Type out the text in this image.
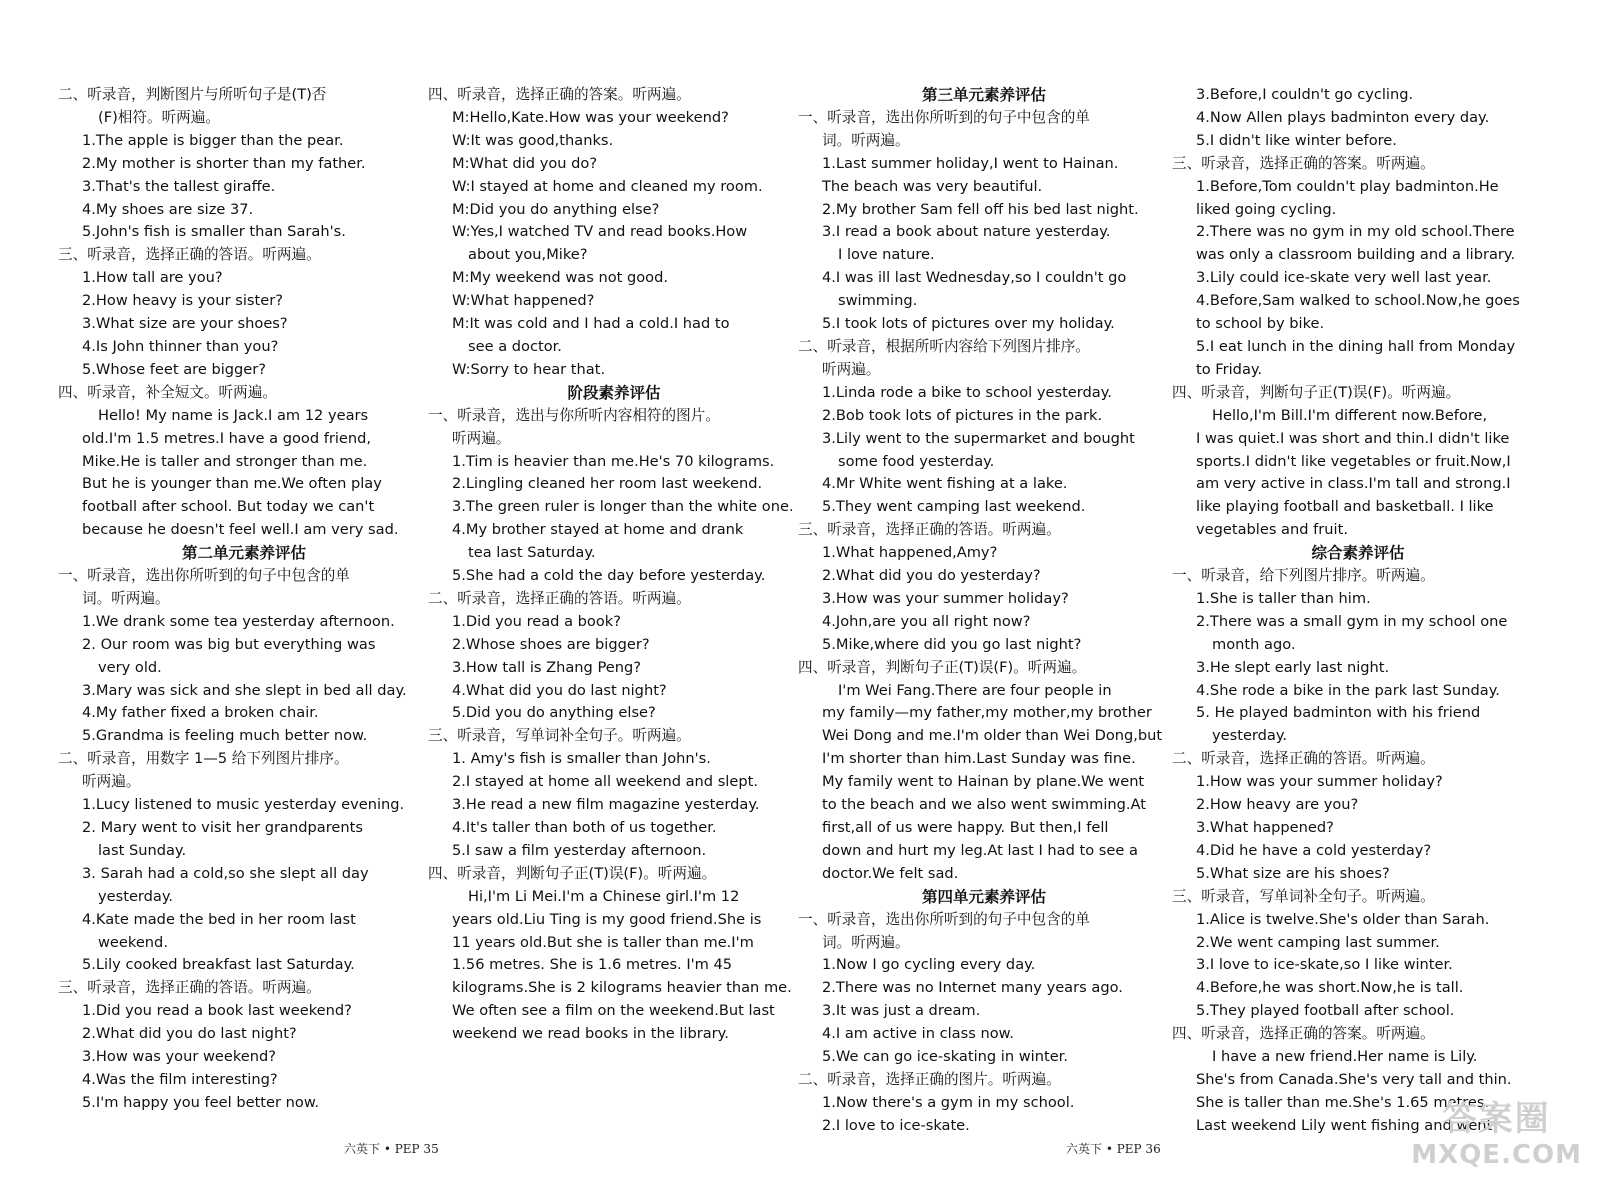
二、听录音，判断图片与所听句子是(T)否
(F)相符。听两遍。
1.The apple is bigger than the pear.
2.My mother is shorter than my father.
3.That's the tallest giraffe.
4.My shoes are size 37.
5.John's fish is smaller than Sarah's.
三、听录音，选择正确的答语。听两遍。
1.How tall are you?
2.How heavy is your sister?
3.What size are your shoes?
4.Is John thinner than you?
5.Whose feet are bigger?
四、听录音，补全短文。听两遍。
Hello! My name is Jack.I am 12 years
old.I'm 1.5 metres.I have a good friend,
Mike.He is taller and stronger than me.
But he is younger than me.We often play
football after school. But today we can't
because he doesn't feel well.I am very sad.
第二单元素养评估
一、听录音，选出你所听到的句子中包含的单
词。听两遍。
1.We drank some tea yesterday afternoon.
2. Our room was big but everything was
very old.
3.Mary was sick and she slept in bed all day.
4.My father fixed a broken chair.
5.Grandma is feeling much better now.
二、听录音，用数字 1—5 给下列图片排序。
听两遍。
1.Lucy listened to music yesterday evening.
2. Mary went to visit her grandparents
last Sunday.
3. Sarah had a cold,so she slept all day
yesterday.
4.Kate made the bed in her room last
weekend.
5.Lily cooked breakfast last Saturday.
三、听录音，选择正确的答语。听两遍。
1.Did you read a book last weekend?
2.What did you do last night?
3.How was your weekend?
4.Was the film interesting?
5.I'm happy you feel better now.
四、听录音，选择正确的答案。听两遍。
M:Hello,Kate.How was your weekend?
W:It was good,thanks.
M:What did you do?
W:I stayed at home and cleaned my room.
M:Did you do anything else?
W:Yes,I watched TV and read books.How
about you,Mike?
M:My weekend was not good.
W:What happened?
M:It was cold and I had a cold.I had to
see a doctor.
W:Sorry to hear that.
阶段素养评估
一、听录音，选出与你所听内容相符的图片。
听两遍。
1.Tim is heavier than me.He's 70 kilograms.
2.Lingling cleaned her room last weekend.
3.The green ruler is longer than the white one.
4.My brother stayed at home and drank
tea last Saturday.
5.She had a cold the day before yesterday.
二、听录音，选择正确的答语。听两遍。
1.Did you read a book?
2.Whose shoes are bigger?
3.How tall is Zhang Peng?
4.What did you do last night?
5.Did you do anything else?
三、听录音，写单词补全句子。听两遍。
1. Amy's fish is smaller than John's.
2.I stayed at home all weekend and slept.
3.He read a new film magazine yesterday.
4.It's taller than both of us together.
5.I saw a film yesterday afternoon.
四、听录音，判断句子正(T)误(F)。听两遍。
Hi,I'm Li Mei.I'm a Chinese girl.I'm 12
years old.Liu Ting is my good friend.She is
11 years old.But she is taller than me.I'm
1.56 metres. She is 1.6 metres. I'm 45
kilograms.She is 2 kilograms heavier than me.
We often see a film on the weekend.But last
weekend we read books in the library.
第三单元素养评估
一、听录音，选出你所听到的句子中包含的单
词。听两遍。
1.Last summer holiday,I went to Hainan.
The beach was very beautiful.
2.My brother Sam fell off his bed last night.
3.I read a book about nature yesterday.
I love nature.
4.I was ill last Wednesday,so I couldn't go
swimming.
5.I took lots of pictures over my holiday.
二、听录音，根据所听内容给下列图片排序。
听两遍。
1.Linda rode a bike to school yesterday.
2.Bob took lots of pictures in the park.
3.Lily went to the supermarket and bought
some food yesterday.
4.Mr White went fishing at a lake.
5.They went camping last weekend.
三、听录音，选择正确的答语。听两遍。
1.What happened,Amy?
2.What did you do yesterday?
3.How was your summer holiday?
4.John,are you all right now?
5.Mike,where did you go last night?
四、听录音，判断句子正(T)误(F)。听两遍。
I'm Wei Fang.There are four people in
my family—my father,my mother,my brother
Wei Dong and me.I'm older than Wei Dong,but
I'm shorter than him.Last Sunday was fine.
My family went to Hainan by plane.We went
to the beach and we also went swimming.At
first,all of us were happy. But then,I fell
down and hurt my leg.At last I had to see a
doctor.We felt sad.
第四单元素养评估
一、听录音，选出你所听到的句子中包含的单
词。听两遍。
1.Now I go cycling every day.
2.There was no Internet many years ago.
3.It was just a dream.
4.I am active in class now.
5.We can go ice-skating in winter.
二、听录音，选择正确的图片。听两遍。
1.Now there's a gym in my school.
2.I love to ice-skate.
3.Before,I couldn't go cycling.
4.Now Allen plays badminton every day.
5.I didn't like winter before.
三、听录音，选择正确的答案。听两遍。
1.Before,Tom couldn't play badminton.He
liked going cycling.
2.There was no gym in my old school.There
was only a classroom building and a library.
3.Lily could ice-skate very well last year.
4.Before,Sam walked to school.Now,he goes
to school by bike.
5.I eat lunch in the dining hall from Monday
to Friday.
四、听录音，判断句子正(T)误(F)。听两遍。
Hello,I'm Bill.I'm different now.Before,
I was quiet.I was short and thin.I didn't like
sports.I didn't like vegetables or fruit.Now,I
am very active in class.I'm tall and strong.I
like playing football and basketball. I like
vegetables and fruit.
综合素养评估
一、听录音，给下列图片排序。听两遍。
1.She is taller than him.
2.There was a small gym in my school one
month ago.
3.He slept early last night.
4.She rode a bike in the park last Sunday.
5. He played badminton with his friend
yesterday.
二、听录音，选择正确的答语。听两遍。
1.How was your summer holiday?
2.How heavy are you?
3.What happened?
4.Did he have a cold yesterday?
5.What size are his shoes?
三、听录音，写单词补全句子。听两遍。
1.Alice is twelve.She's older than Sarah.
2.We went camping last summer.
3.I love to ice-skate,so I like winter.
4.Before,he was short.Now,he is tall.
5.They played football after school.
四、听录音，选择正确的答案。听两遍。
I have a new friend.Her name is Lily.
She's from Canada.She's very tall and thin.
She is taller than me.She's 1.65 metres.
Last weekend Lily went fishing and went
六英下 • PEP 35	六英下 • PEP 36
答案圈
MXQE.COM
